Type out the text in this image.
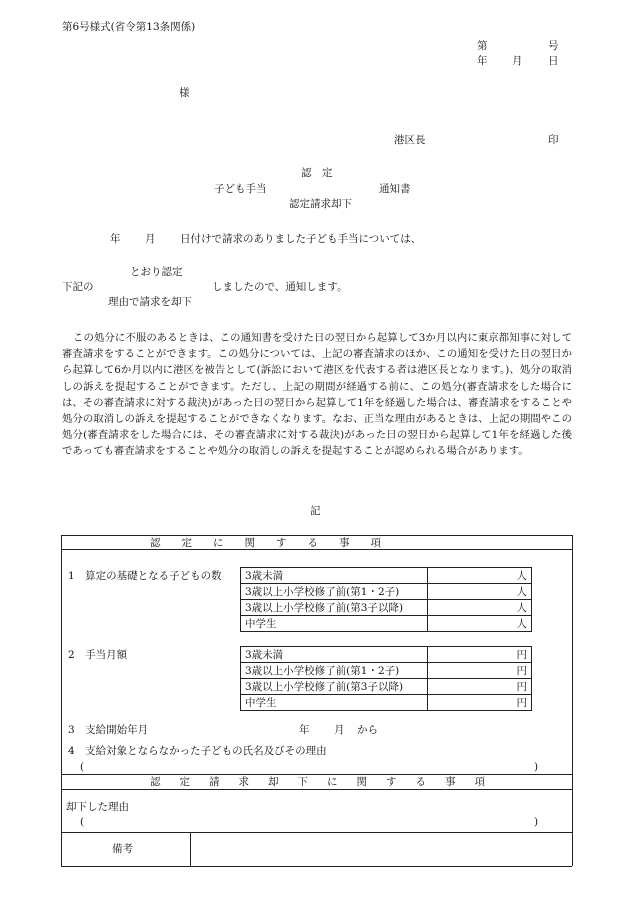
第6号様式(省令第13条関係)
第	号
年 月 日
様
港区長	印
認　定
子ども手当	通知書
認定請求却下
年 月 日付けで請求のありました子ども手当については、
とおり認定
下記の	しましたので、通知します。
理由で請求を却下
この処分に不服のあるときは、この通知書を受けた日の翌日から起算して3か月以内に東京都知事に対して審査請求をすることができます。この処分については、上記の審査請求のほか、この通知を受けた日の翌日から起算して6か月以内に港区を被告として(訴訟において港区を代表する者は港区長となります。)、処分の取消しの訴えを提起することができます。ただし、上記の期間が経過する前に、この処分(審査請求をした場合には、その審査請求に対する裁決)があった日の翌日から起算して1年を経過した場合は、審査請求をすることや処分の取消しの訴えを提起することができなくなります。なお、正当な理由があるときは、上記の期間やこの処分(審査請求をした場合には、その審査請求に対する裁決)があった日の翌日から起算して1年を経過した後であっても審査請求をすることや処分の取消しの訴えを提起することが認められる場合があります。
記
認定に関する事項
1　算定の基礎となる子どもの数 3歳未満	人
3歳以上小学校修了前(第1・2子)	人
3歳以上小学校修了前(第3子以降)	人
中学生	人
2　手当月額	3歳未満	円
3歳以上小学校修了前(第1・2子)	円
3歳以上小学校修了前(第3子以降)	円
中学生	円
3　支給開始年月	年 月 から
4　支給対象とならなかった子どもの氏名及びその理由
(	)
認定請求却下に関する事項
却下した理由
(	)
備考
